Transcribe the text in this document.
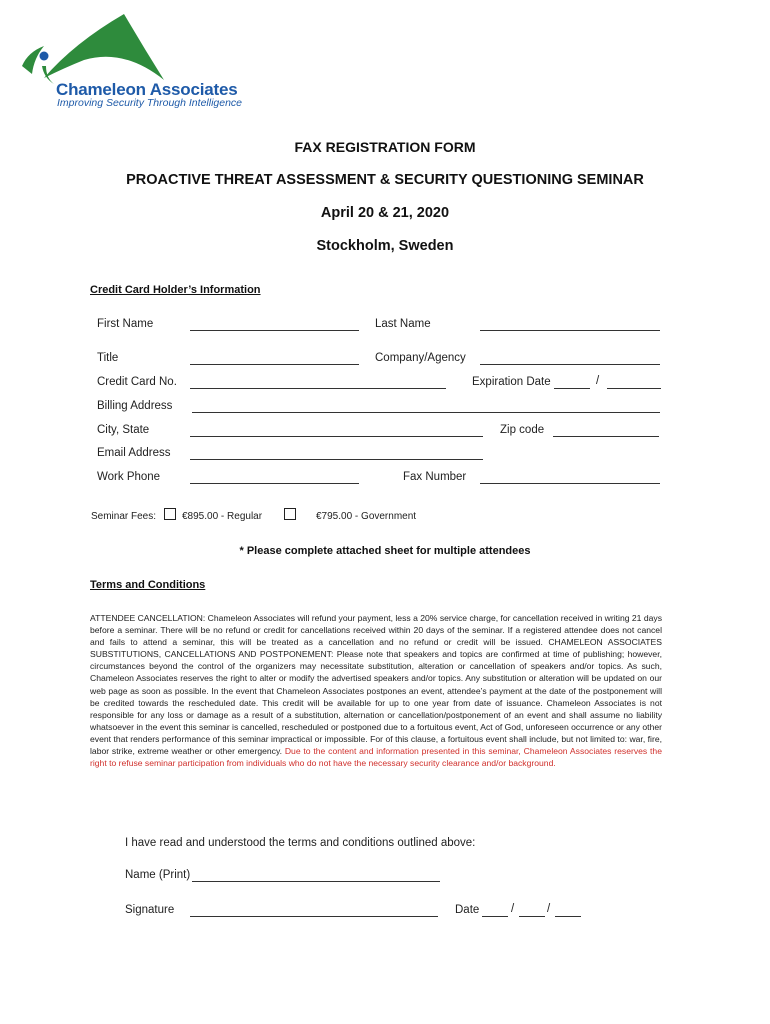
Chameleon Associates
Improving Security Through Intelligence
FAX REGISTRATION FORM
PROACTIVE THREAT ASSESSMENT & SECURITY QUESTIONING SEMINAR
April 20 & 21, 2020
Stockholm, Sweden
Credit Card Holder’s Information
First Name	Last Name
Title	Company/Agency
Credit Card No.	Expiration Date	/
Billing Address
City, State	Zip code
Email Address
Work Phone	Fax Number
Seminar Fees:	€895.00 - Regular	€795.00 - Government
* Please complete attached sheet for multiple attendees
Terms and Conditions
ATTENDEE CANCELLATION: Chameleon Associates will refund your payment, less a 20% service charge, for cancellation received in writing 21 days before a seminar. There will be no refund or credit for cancellations received within 20 days of the seminar. If a registered attendee does not cancel and fails to attend a seminar, this will be treated as a cancellation and no refund or credit will be issued. CHAMELEON ASSOCIATES SUBSTITUTIONS, CANCELLATIONS AND POSTPONEMENT: Please note that speakers and topics are confirmed at time of publishing; however, circumstances beyond the control of the organizers may necessitate substitution, alteration or cancellation of speakers and/or topics. As such, Chameleon Associates reserves the right to alter or modify the advertised speakers and/or topics. Any substitution or alteration will be updated on our web page as soon as possible. In the event that Chameleon Associates postpones an event, attendee’s payment at the date of the postponement will be credited towards the rescheduled date. This credit will be available for up to one year from date of issuance. Chameleon Associates is not responsible for any loss or damage as a result of a substitution, alternation or cancellation/postponement of an event and shall assume no liability whatsoever in the event this seminar is cancelled, rescheduled or postponed due to a fortuitous event, Act of God, unforeseen occurrence or any other event that renders performance of this seminar impractical or impossible. For of this clause, a fortuitous event shall include, but not limited to: war, fire, labor strike, extreme weather or other emergency. Due to the content and information presented in this seminar, Chameleon Associates reserves the right to refuse seminar participation from individuals who do not have the necessary security clearance and/or background.
I have read and understood the terms and conditions outlined above:
Name (Print)
Signature	Date	/	/
